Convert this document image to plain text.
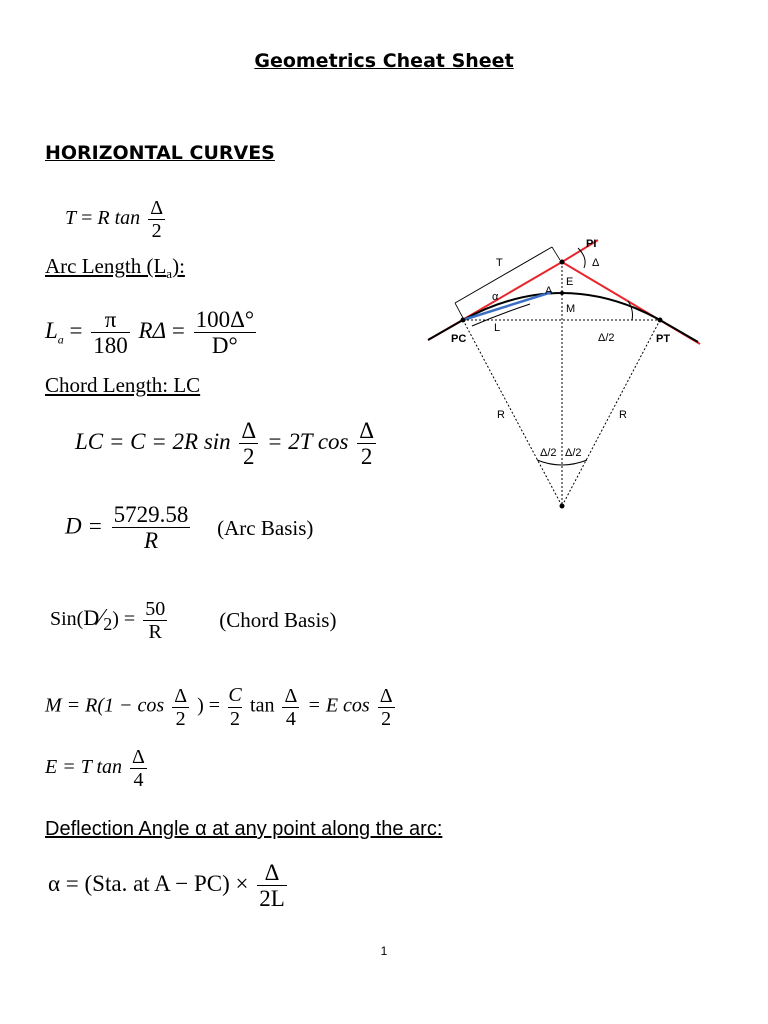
Geometrics Cheat Sheet
HORIZONTAL CURVES
T = R $\tan \frac{\Delta}{2}$
Arc Length $(L_a)$:
$L_a = \frac{\pi}{180}$ $R\Delta = \frac{100\Delta^\circ}{D^\circ}$
Chord Length: LC
LC = C = 2R $\sin \frac{\Delta}{2} = 2T$ $\cos \frac{\Delta}{2}$
$D = \frac{5729.58}{R} (Arc$ Basis)
$Sin(D⁄_2) = \frac{50}{R}$ (Chord Basis)
$M = R(1 - \cos \frac{\Delta}{2}$ ) = $\frac{C}{2}$ $\tan \frac{\Delta}{4} = E$ $\cos \frac{\Delta}{2}$
E = T $\tan \frac{\Delta}{4}$
Deflection Angle α at any point along the arc:
α = (Sta. at $A - PC) \times \frac{\Delta}{2L}$
1
PI
T	Δ
E
α	A
M
L
PC	PT
Δ/2
R	R
Δ/2 Δ/2
